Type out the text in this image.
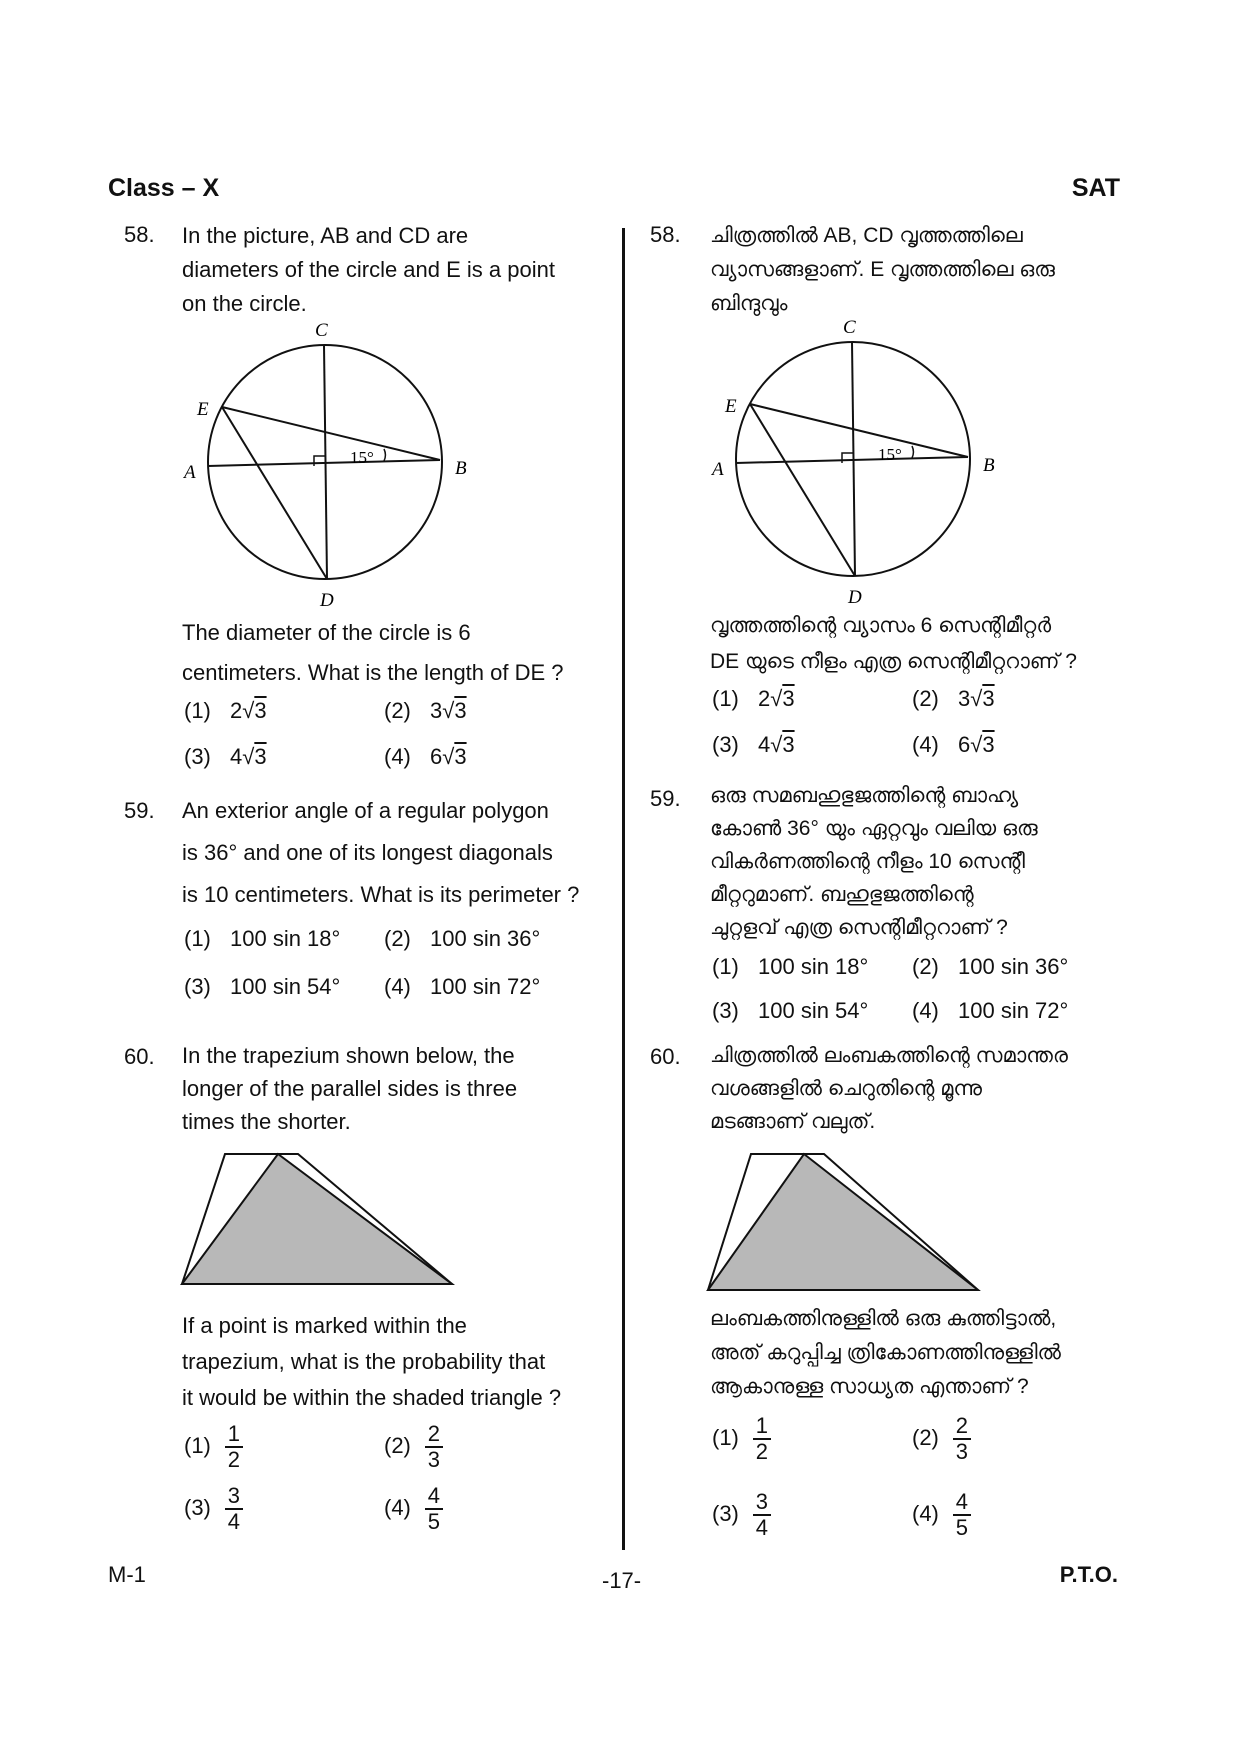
Class – X	SAT
58. In the picture, AB and CD are
diameters of the circle and E is a point
on the circle.
15°
C
E
A	B
D
The diameter of the circle is 6
centimeters. What is the length of DE ?
(1) 2√3	(2) 3√3
(3) 4√3	(4) 6√3
59. An exterior angle of a regular polygon
is 36° and one of its longest diagonals
is 10 centimeters. What is its perimeter ?
(1) 100 sin 18° (2) 100 sin 36°
(3) 100 sin 54° (4) 100 sin 72°
60. In the trapezium shown below, the
longer of the parallel sides is three
times the shorter.
If a point is marked within the
trapezium, what is the probability that
it would be within the shaded triangle ?
$(1) \frac{1}{2}$	$(2) \frac{2}{3}$
$(3) \frac{3}{4}$	$(4) \frac{4}{5}$
58. ചിത്രത്തിൽ AB, CD വൃത്തത്തിലെ
വ്യാസങ്ങളാണ്. E വൃത്തത്തിലെ ഒരു
ബിന്ദുവും
15°
C
E
A	B
D
വൃത്തത്തിന്റെ വ്യാസം 6 സെന്റിമീറ്റർ
DE യുടെ നീളം എത്ര സെന്റിമീറ്ററാണ് ?
(1) 2√3	(2) 3√3
(3) 4√3	(4) 6√3
59. ഒരു സമബഹുഭുജത്തിന്റെ ബാഹ്യ
കോൺ 36° യും ഏറ്റവും വലിയ ഒരു
വികർണത്തിന്റെ നീളം 10 സെന്റീ
മീറ്ററുമാണ്. ബഹുഭുജത്തിന്റെ
ചുറ്റളവ് എത്ര സെന്റിമീറ്ററാണ് ?
(1) 100 sin 18° (2) 100 sin 36°
(3) 100 sin 54° (4) 100 sin 72°
60. ചിത്രത്തിൽ ലംബകത്തിന്റെ സമാന്തര
വശങ്ങളിൽ ചെറുതിന്റെ മൂന്നു
മടങ്ങാണ് വലുത്.
ലംബകത്തിനുള്ളിൽ ഒരു കുത്തിട്ടാൽ,
അത് കറുപ്പിച്ച ത്രികോണത്തിനുള്ളിൽ
ആകാനുള്ള സാധ്യത എന്താണ് ?
$(1) \frac{1}{2}$	$(2) \frac{2}{3}$
$(3) \frac{3}{4}$	$(4) \frac{4}{5}$
M-1	-17-	P.T.O.
